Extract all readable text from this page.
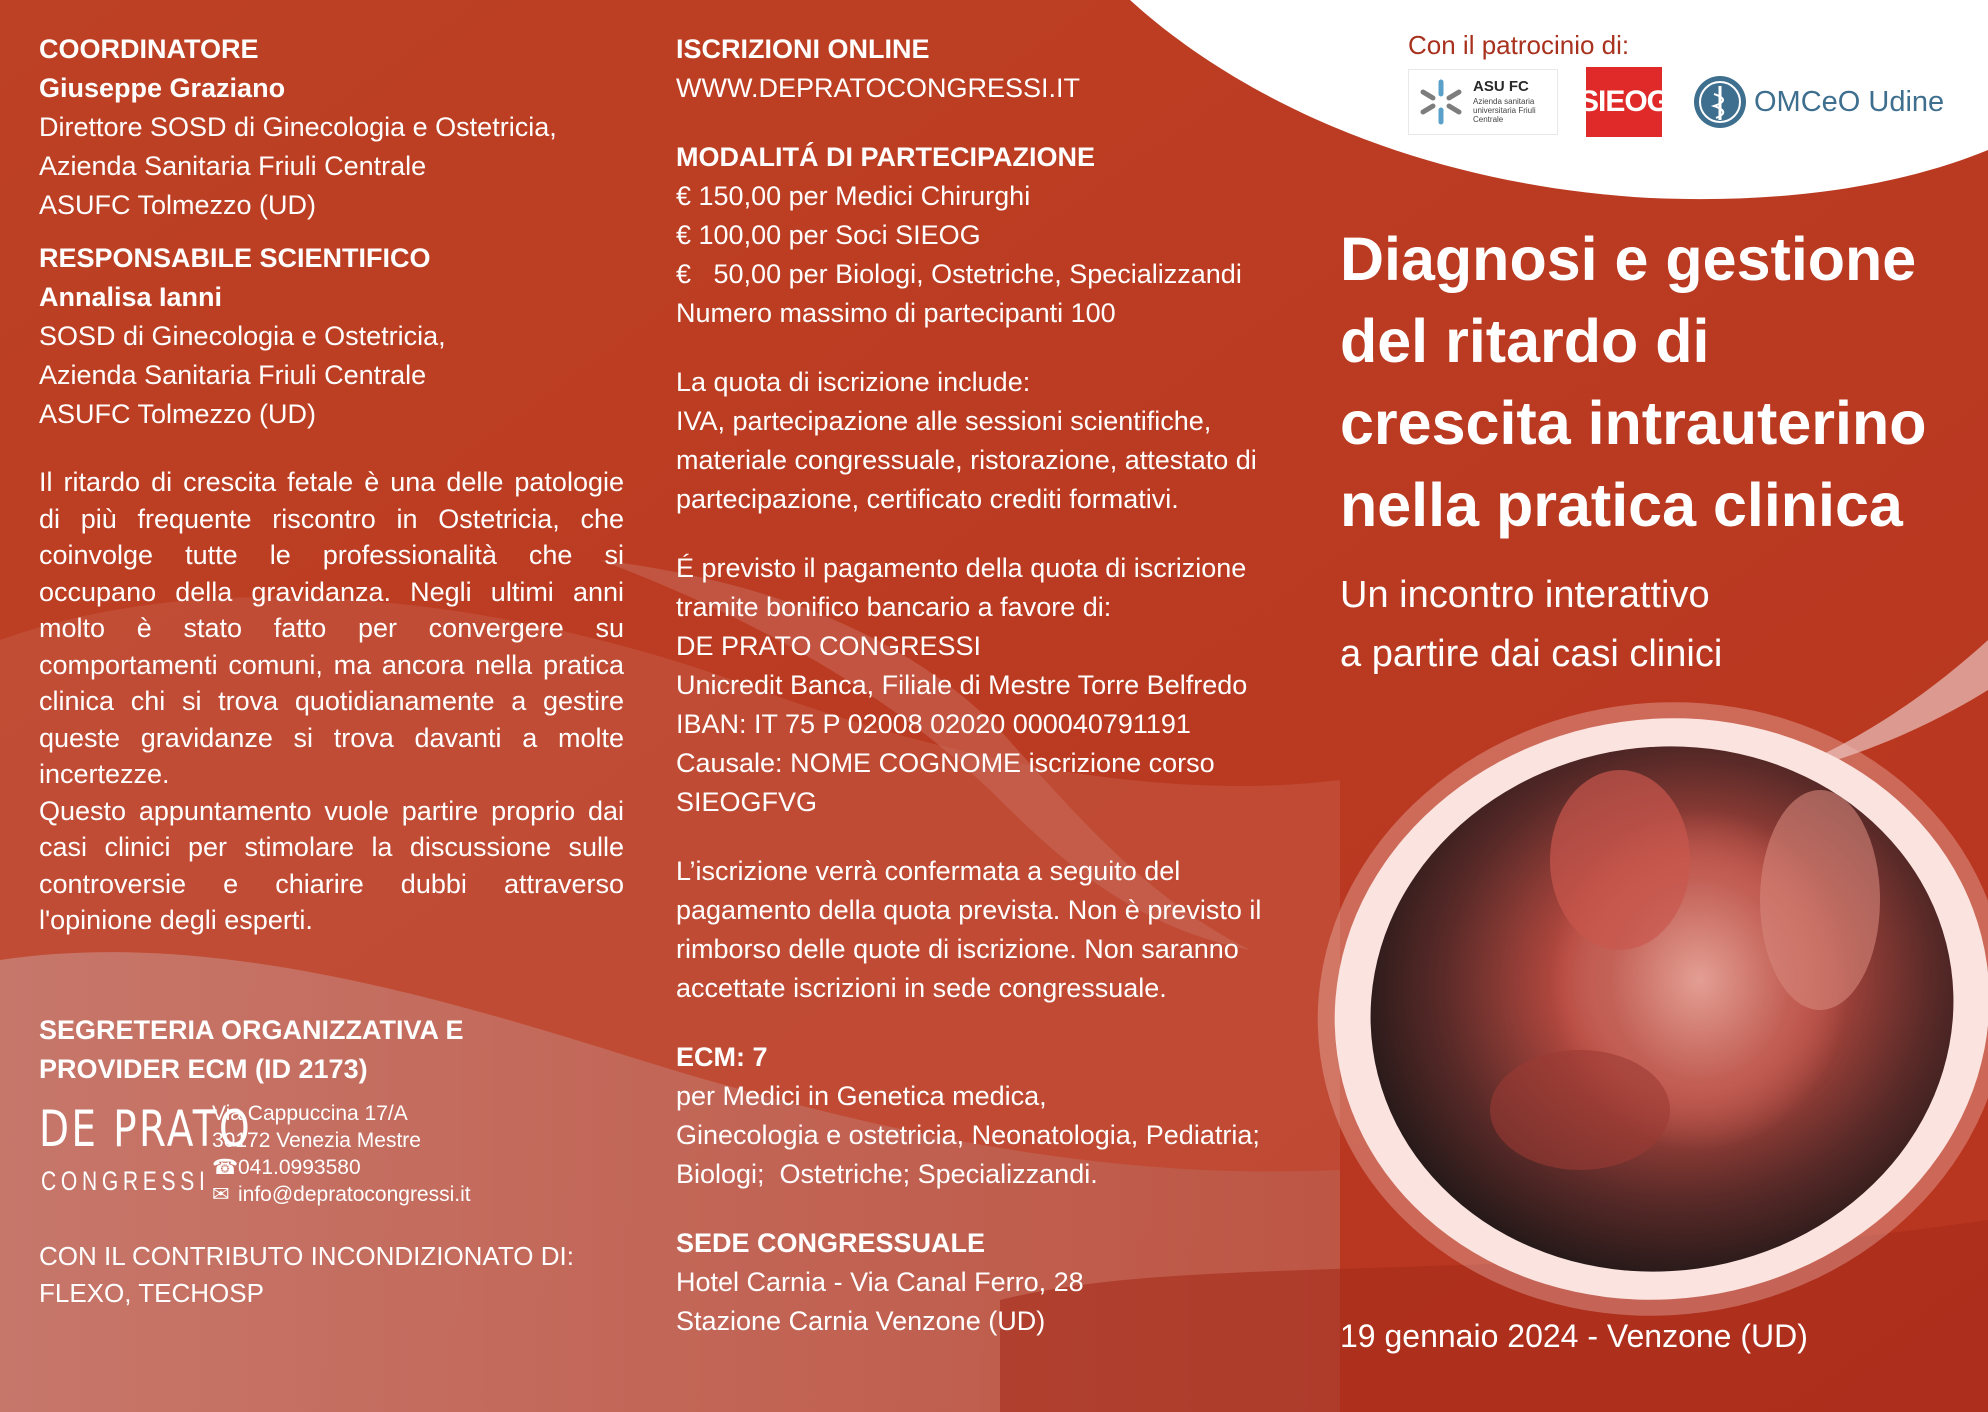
COORDINATORE
Giuseppe Graziano
Direttore SOSD di Ginecologia e Ostetricia,
Azienda Sanitaria Friuli Centrale
ASUFC Tolmezzo (UD)
RESPONSABILE SCIENTIFICO
Annalisa Ianni
SOSD di Ginecologia e Ostetricia,
Azienda Sanitaria Friuli Centrale
ASUFC Tolmezzo (UD)
Il ritardo di crescita fetale è una delle patologie di più frequente riscontro in Ostetricia, che coinvolge tutte le professionalità che si occupano della gravidanza. Negli ultimi anni molto è stato fatto per convergere su comportamenti comuni, ma ancora nella pratica clinica chi si trova quotidianamente a gestire queste gravidanze si trova davanti a molte incertezze.
Questo appuntamento vuole partire proprio dai casi clinici per stimolare la discussione sulle controversie e chiarire dubbi attraverso l'opinione degli esperti.
SEGRETERIA ORGANIZZATIVA E
PROVIDER ECM (ID 2173)
DE PRATO
CONGRESSI
Via Cappuccina 17/A
30172 Venezia Mestre
☎ 041.0993580
✉ info@depratocongressi.it
CON IL CONTRIBUTO INCONDIZIONATO DI:
FLEXO, TECHOSP
ISCRIZIONI ONLINE
WWW.DEPRATOCONGRESSI.IT
MODALITÁ DI PARTECIPAZIONE
€ 150,00 per Medici Chirurghi
€ 100,00 per Soci SIEOG
€   50,00 per Biologi, Ostetriche, Specializzandi
Numero massimo di partecipanti 100
La quota di iscrizione include:
IVA, partecipazione alle sessioni scientifiche, materiale congressuale, ristorazione, attestato di partecipazione, certificato crediti formativi.
É previsto il pagamento della quota di iscrizione
tramite bonifico bancario a favore di:
DE PRATO CONGRESSI
Unicredit Banca, Filiale di Mestre Torre Belfredo
IBAN: IT 75 P 02008 02020 000040791191
Causale: NOME COGNOME iscrizione corso
SIEOGFVG
L’iscrizione verrà confermata a seguito del pagamento della quota prevista. Non è previsto il rimborso delle quote di iscrizione. Non saranno accettate iscrizioni in sede congressuale.
ECM: 7
per Medici in Genetica medica,
Ginecologia e ostetricia, Neonatologia, Pediatria;
Biologi;  Ostetriche; Specializzandi.
SEDE CONGRESSUALE
Hotel Carnia - Via Canal Ferro, 28
Stazione Carnia Venzone (UD)
Con il patrocinio di:
ASU FC
Azienda sanitaria universitaria Friuli Centrale
SIEOG	OMCeO Udine
Diagnosi e gestione
del ritardo di
crescita intrauterino
nella pratica clinica
Un incontro interattivo
a partire dai casi clinici
19 gennaio 2024 - Venzone (UD)
